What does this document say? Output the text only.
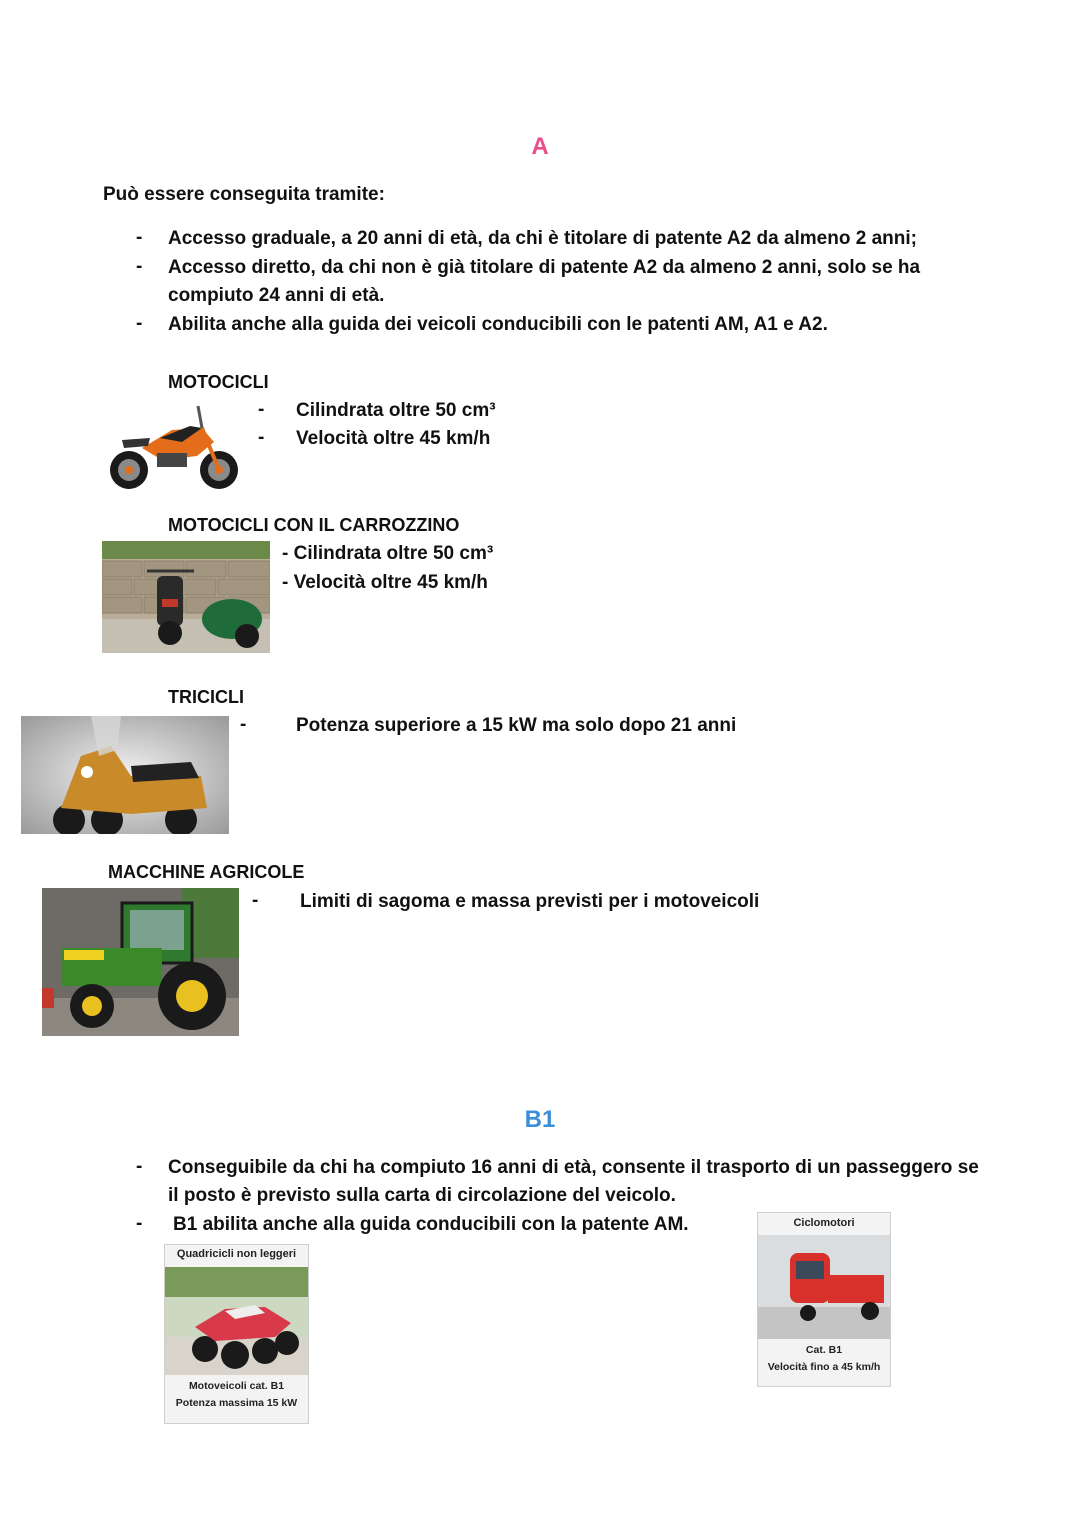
A
Può essere conseguita tramite:
- Accesso graduale, a 20 anni di età, da chi è titolare di patente A2 da almeno 2 anni;
- Accesso diretto, da chi non è già titolare di patente A2 da almeno 2 anni, solo se ha
compiuto 24 anni di età.
- Abilita anche alla guida dei veicoli conducibili con le patenti AM, A1 e A2.
MOTOCICLI
- Cilindrata oltre 50 cm³
- Velocità oltre 45 km/h
MOTOCICLI CON IL CARROZZINO
- Cilindrata oltre 50 cm³
- Velocità oltre 45 km/h
TRICICLI
-	Potenza superiore a 15 kW ma solo dopo 21 anni
MACCHINE AGRICOLE
- Limiti di sagoma e massa previsti per i motoveicoli
B1
- Conseguibile da chi ha compiuto 16 anni di età, consente il trasporto di un passeggero se
il posto è previsto sulla carta di circolazione del veicolo.
- B1 abilita anche alla guida conducibili con la patente AM.
Quadricicli non leggeri
Motoveicoli cat. B1
Potenza massima 15 kW
Ciclomotori
Cat. B1
Velocità fino a 45 km/h
